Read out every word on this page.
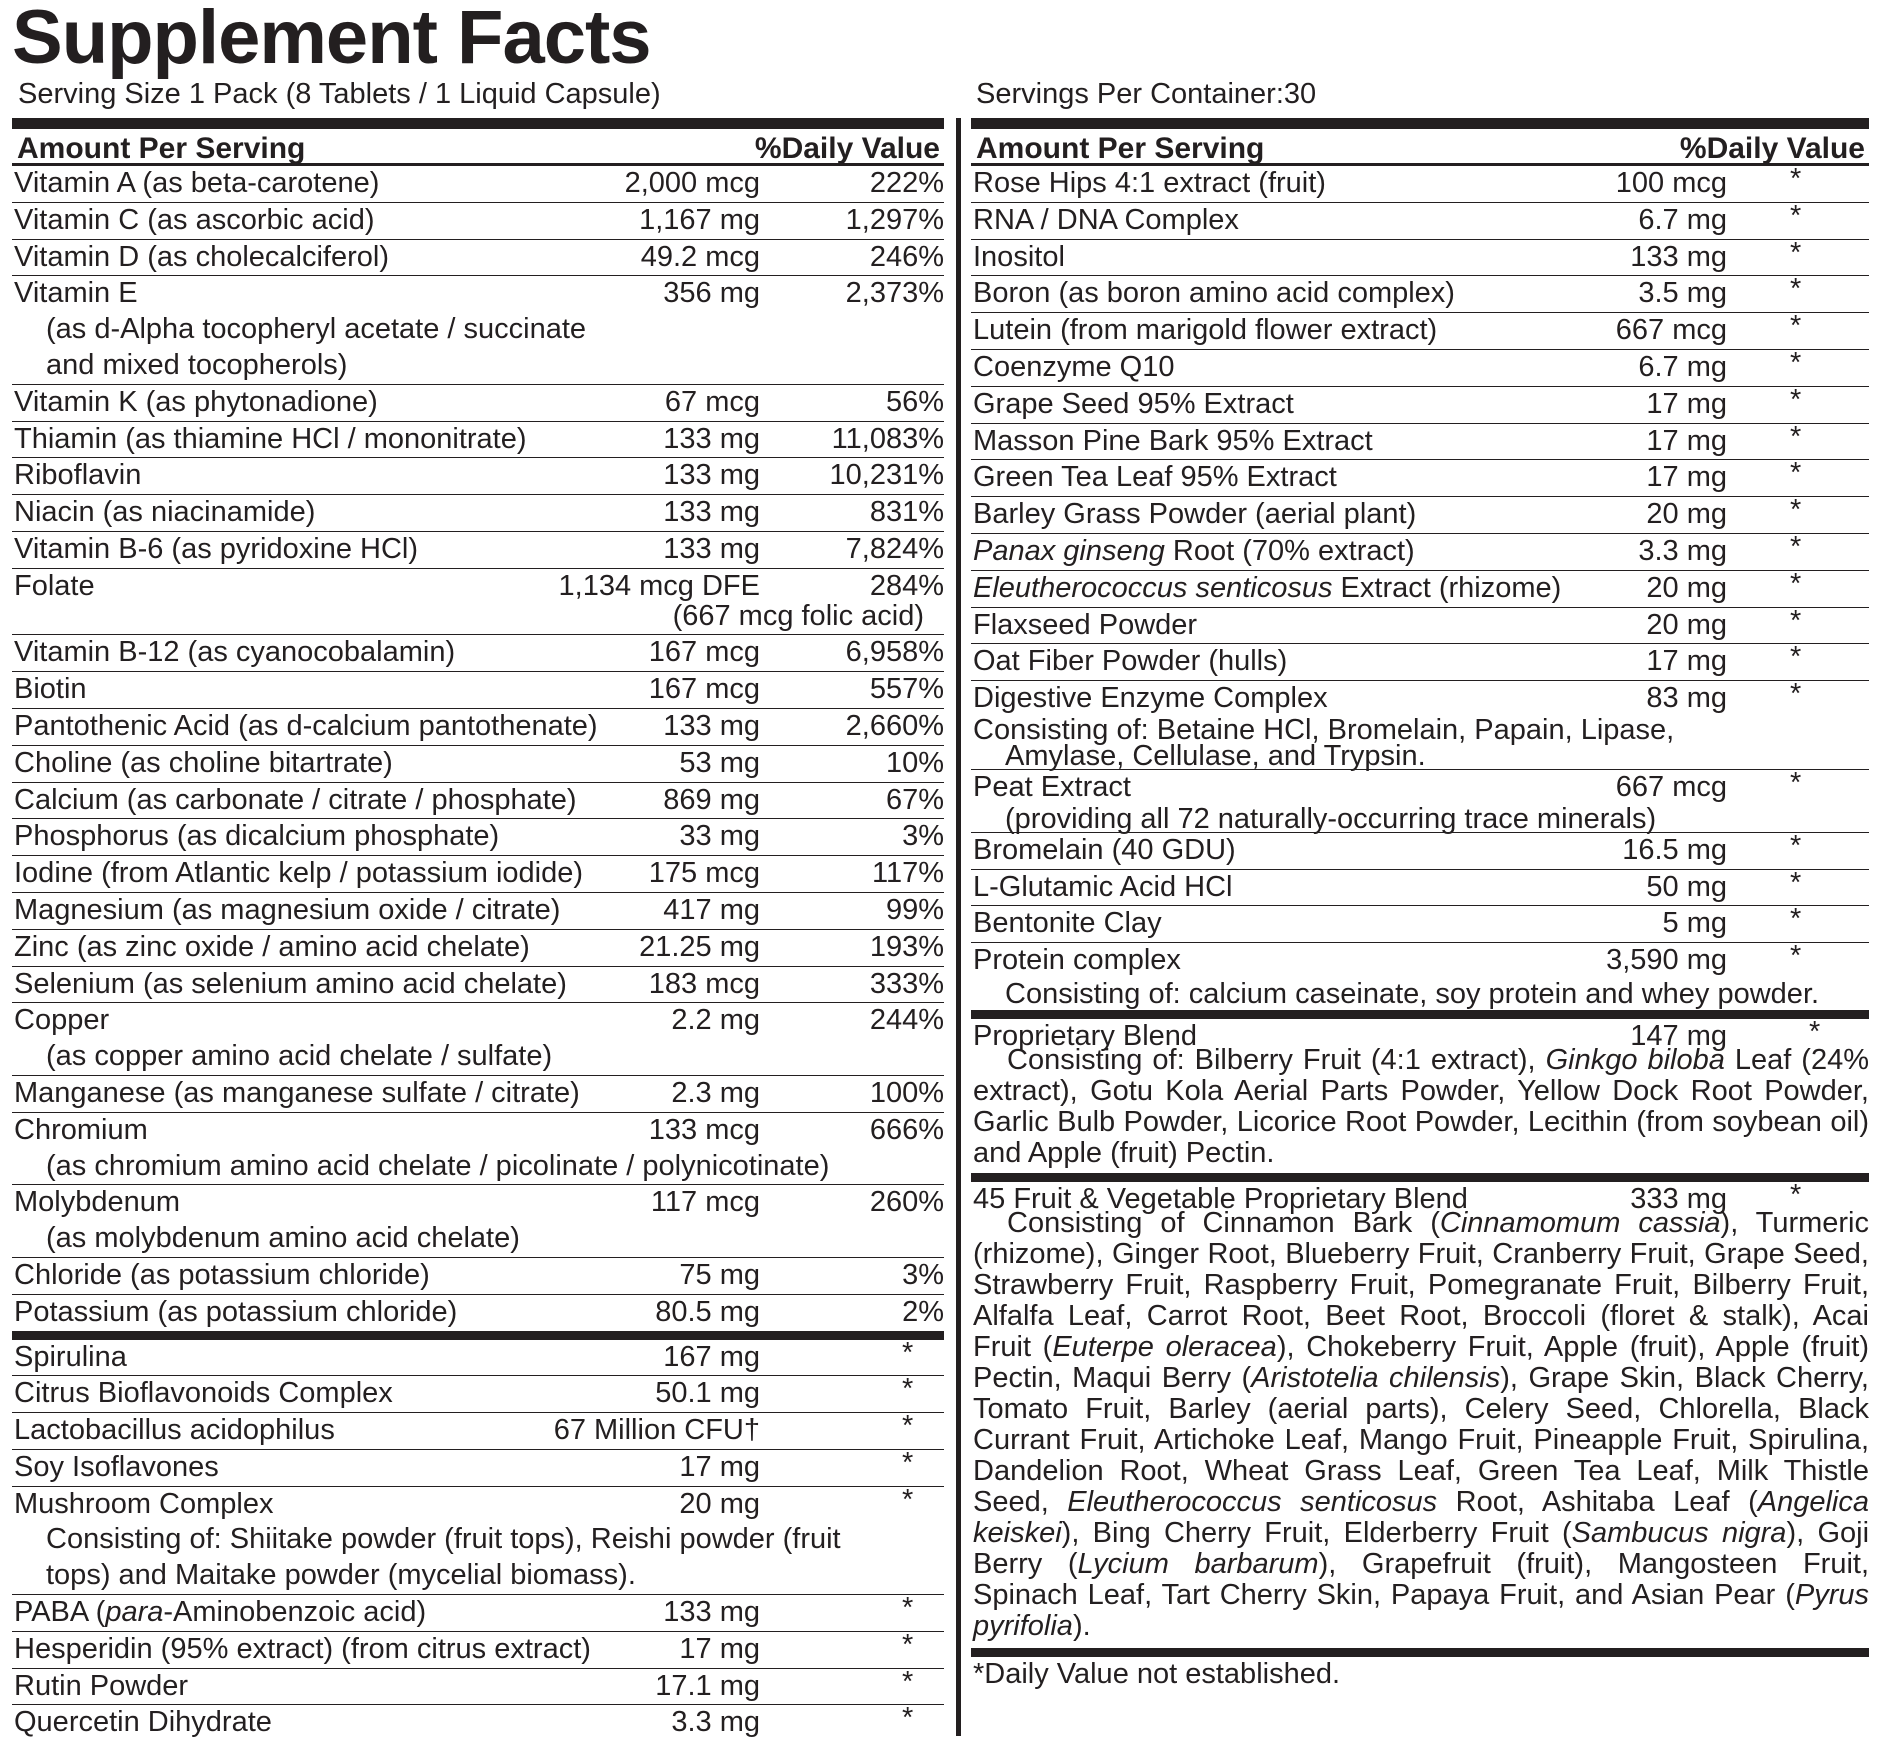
Supplement Facts
Serving Size 1 Pack (8 Tablets / 1 Liquid Capsule)	Servings Per Container:30
Amount Per Serving	%Daily Value
Vitamin A (as beta-carotene)	2,000 mcg	222%
Vitamin C (as ascorbic acid)	1,167 mg	1,297%
Vitamin D (as cholecalciferol)	49.2 mcg	246%
Vitamin E	356 mg	2,373%
(as d-Alpha tocopheryl acetate / succinate
and mixed tocopherols)
Vitamin K (as phytonadione)	67 mcg	56%
Thiamin (as thiamine HCl / mononitrate)	133 mg 11,083%
Riboflavin	133 mg 10,231%
Niacin (as niacinamide)	133 mg	831%
Vitamin B-6 (as pyridoxine HCl)	133 mg	7,824%
Folate	1,134 mcg DFE	284%
(667 mcg folic acid)
Vitamin B-12 (as cyanocobalamin)	167 mcg	6,958%
Biotin	167 mcg	557%
Pantothenic Acid (as d-calcium pantothenate)	133 mg	2,660%
Choline (as choline bitartrate)	53 mg	10%
Calcium (as carbonate / citrate / phosphate)	869 mg	67%
Phosphorus (as dicalcium phosphate)	33 mg	3%
Iodine (from Atlantic kelp / potassium iodide)	175 mcg	117%
Magnesium (as magnesium oxide / citrate)	417 mg	99%
Zinc (as zinc oxide / amino acid chelate)	21.25 mg	193%
Selenium (as selenium amino acid chelate)	183 mcg	333%
Copper	2.2 mg	244%
(as copper amino acid chelate / sulfate)
Manganese (as manganese sulfate / citrate)	2.3 mg	100%
Chromium	133 mcg	666%
(as chromium amino acid chelate / picolinate / polynicotinate)
Molybdenum	117 mcg	260%
(as molybdenum amino acid chelate)
Chloride (as potassium chloride)	75 mg	3%
Potassium (as potassium chloride)	80.5 mg	2%
Spirulina	167 mg	*
Citrus Bioflavonoids Complex	50.1 mg	*
Lactobacillus acidophilus	67 Million CFU†	*
Soy Isoflavones	17 mg	*
Mushroom Complex	20 mg	*
Consisting of: Shiitake powder (fruit tops), Reishi powder (fruit
tops) and Maitake powder (mycelial biomass).
PABA (para-Aminobenzoic acid)	133 mg	*
Hesperidin (95% extract) (from citrus extract)	17 mg	*
Rutin Powder	17.1 mg	*
Quercetin Dihydrate	3.3 mg	*
Amount Per Serving	%Daily Value
Rose Hips 4:1 extract (fruit)	100 mcg *
RNA / DNA Complex	6.7 mg *
Inositol	133 mg *
Boron (as boron amino acid complex)	3.5 mg *
Lutein (from marigold flower extract)	667 mcg *
Coenzyme Q10	6.7 mg *
Grape Seed 95% Extract	17 mg *
Masson Pine Bark 95% Extract	17 mg *
Green Tea Leaf 95% Extract	17 mg *
Barley Grass Powder (aerial plant)	20 mg *
Panax ginseng Root (70% extract)	3.3 mg *
Eleutherococcus senticosus Extract (rhizome)	20 mg *
Flaxseed Powder	20 mg *
Oat Fiber Powder (hulls)	17 mg *
Digestive Enzyme Complex	83 mg *
Consisting of: Betaine HCl, Bromelain, Papain, Lipase,
Amylase, Cellulase, and Trypsin.
Peat Extract	667 mcg *
(providing all 72 naturally-occurring trace minerals)
Bromelain (40 GDU)	16.5 mg *
L-Glutamic Acid HCl	50 mg *
Bentonite Clay	5 mg *
Protein complex	3,590 mg *
Consisting of: calcium caseinate, soy protein and whey powder.
Proprietary Blend	147 mg	*
Consisting of: Bilberry Fruit (4:1 extract), Ginkgo biloba Leaf (24% extract), Gotu Kola Aerial Parts Powder, Yellow Dock Root Powder, Garlic Bulb Powder, Licorice Root Powder, Lecithin (from soybean oil) and Apple (fruit) Pectin.
45 Fruit & Vegetable Proprietary Blend	333 mg *
Consisting of Cinnamon Bark (Cinnamomum cassia), Turmeric (rhizome), Ginger Root, Blueberry Fruit, Cranberry Fruit, Grape Seed, Strawberry Fruit, Raspberry Fruit, Pomegranate Fruit, Bilberry Fruit, Alfalfa Leaf, Carrot Root, Beet Root, Broccoli (floret & stalk), Acai Fruit (Euterpe oleracea), Chokeberry Fruit, Apple (fruit), Apple (fruit) Pectin, Maqui Berry (Aristotelia chilensis), Grape Skin, Black Cherry, Tomato Fruit, Barley (aerial parts), Celery Seed, Chlorella, Black Currant Fruit, Artichoke Leaf, Mango Fruit, Pineapple Fruit, Spirulina, Dandelion Root, Wheat Grass Leaf, Green Tea Leaf, Milk Thistle Seed, Eleutherococcus senticosus Root, Ashitaba Leaf (Angelica keiskei), Bing Cherry Fruit, Elderberry Fruit (Sambucus nigra), Goji Berry (Lycium barbarum), Grapefruit (fruit), Mangosteen Fruit, Spinach Leaf, Tart Cherry Skin, Papaya Fruit, and Asian Pear (Pyrus pyrifolia).
*Daily Value not established.
